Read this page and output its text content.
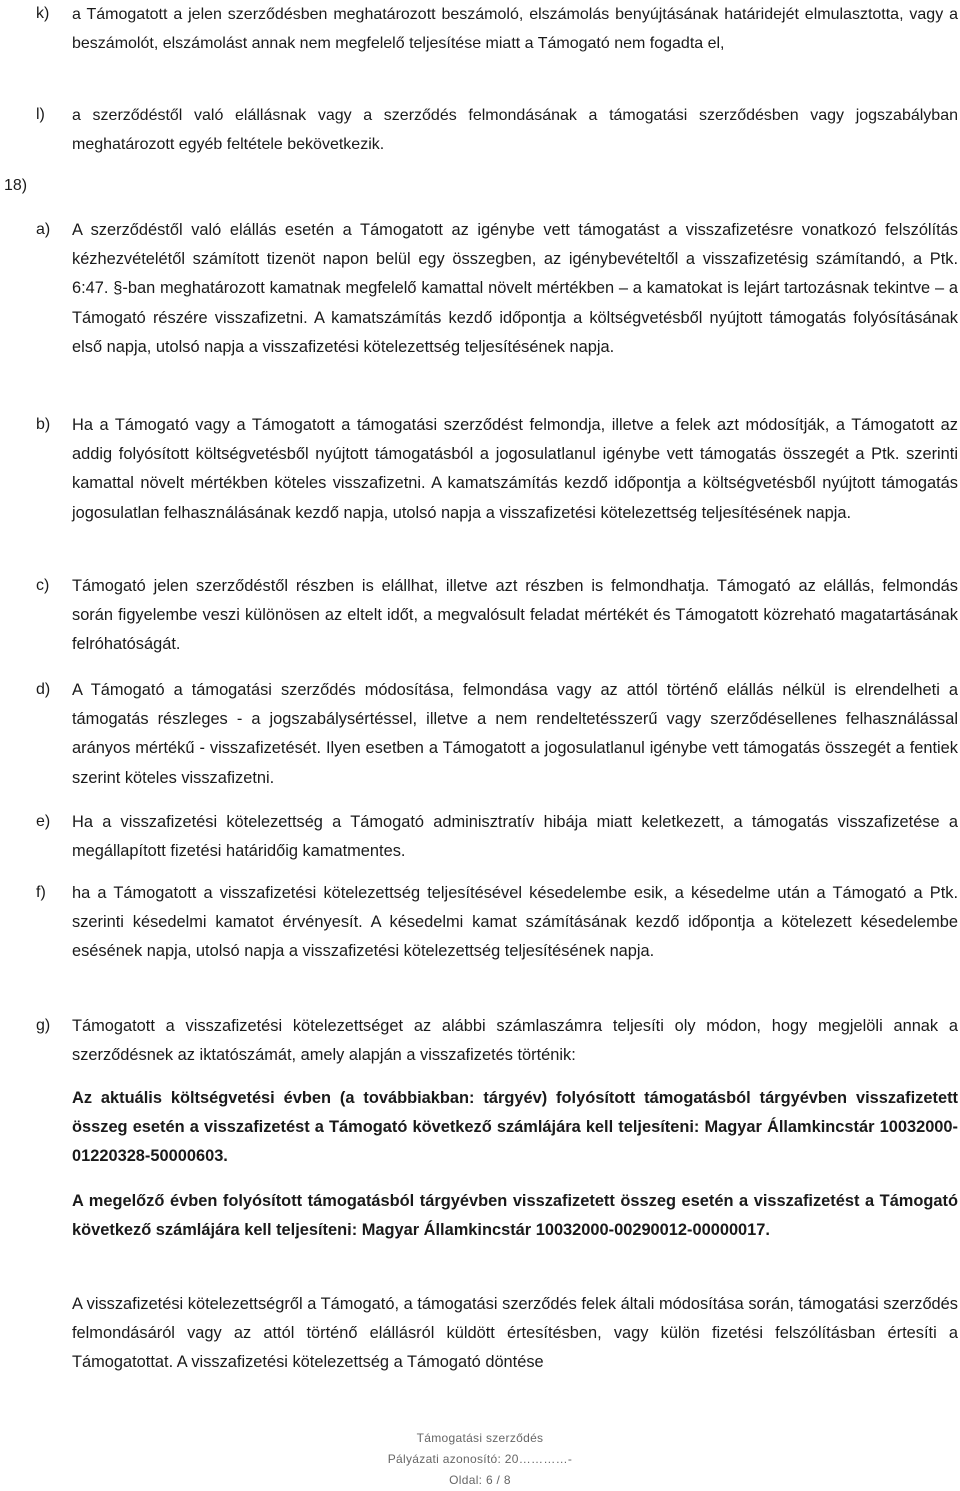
k) a Támogatott a jelen szerződésben meghatározott beszámoló, elszámolás benyújtásának határidejét elmulasztotta, vagy a beszámolót, elszámolást annak nem megfelelő teljesítése miatt a Támogató nem fogadta el,
l) a szerződéstől való elállásnak vagy a szerződés felmondásának a támogatási szerződésben vagy jogszabályban meghatározott egyéb feltétele bekövetkezik.
18)
a) A szerződéstől való elállás esetén a Támogatott az igénybe vett támogatást a visszafizetésre vonatkozó felszólítás kézhezvételétől számított tizenöt napon belül egy összegben, az igénybevételtől a visszafizetésig számítandó, a Ptk. 6:47. §-ban meghatározott kamatnak megfelelő kamattal növelt mértékben – a kamatokat is lejárt tartozásnak tekintve – a Támogató részére visszafizetni. A kamatszámítás kezdő időpontja a költségvetésből nyújtott támogatás folyósításának első napja, utolsó napja a visszafizetési kötelezettség teljesítésének napja.
b) Ha a Támogató vagy a Támogatott a támogatási szerződést felmondja, illetve a felek azt módosítják, a Támogatott az addig folyósított költségvetésből nyújtott támogatásból a jogosulatlanul igénybe vett támogatás összegét a Ptk. szerinti kamattal növelt mértékben köteles visszafizetni. A kamatszámítás kezdő időpontja a költségvetésből nyújtott támogatás jogosulatlan felhasználásának kezdő napja, utolsó napja a visszafizetési kötelezettség teljesítésének napja.
c) Támogató jelen szerződéstől részben is elállhat, illetve azt részben is felmondhatja. Támogató az elállás, felmondás során figyelembe veszi különösen az eltelt időt, a megvalósult feladat mértékét és Támogatott közreható magatartásának felróhatóságát.
d) A Támogató a támogatási szerződés módosítása, felmondása vagy az attól történő elállás nélkül is elrendelheti a támogatás részleges - a jogszabálysértéssel, illetve a nem rendeltetésszerű vagy szerződésellenes felhasználással arányos mértékű - visszafizetését. Ilyen esetben a Támogatott a jogosulatlanul igénybe vett támogatás összegét a fentiek szerint köteles visszafizetni.
e) Ha a visszafizetési kötelezettség a Támogató adminisztratív hibája miatt keletkezett, a támogatás visszafizetése a megállapított fizetési határidőig kamatmentes.
f) ha a Támogatott a visszafizetési kötelezettség teljesítésével késedelembe esik, a késedelme után a Támogató a Ptk. szerinti késedelmi kamatot érvényesít. A késedelmi kamat számításának kezdő időpontja a kötelezett késedelembe esésének napja, utolsó napja a visszafizetési kötelezettség teljesítésének napja.
g) Támogatott a visszafizetési kötelezettséget az alábbi számlaszámra teljesíti oly módon, hogy megjelöli annak a szerződésnek az iktatószámát, amely alapján a visszafizetés történik:
Az aktuális költségvetési évben (a továbbiakban: tárgyév) folyósított támogatásból tárgyévben visszafizetett összeg esetén a visszafizetést a Támogató következő számlájára kell teljesíteni: Magyar Államkincstár 10032000-01220328-50000603.
A megelőző évben folyósított támogatásból tárgyévben visszafizetett összeg esetén a visszafizetést a Támogató következő számlájára kell teljesíteni: Magyar Államkincstár 10032000-00290012-00000017.
A visszafizetési kötelezettségről a Támogató, a támogatási szerződés felek általi módosítása során, támogatási szerződés felmondásáról vagy az attól történő elállásról küldött értesítésben, vagy külön fizetési felszólításban értesíti a Támogatottat. A visszafizetési kötelezettség a Támogató döntése
Támogatási szerződés
Pályázati azonosító: 20…………-
Oldal: 6 / 8
